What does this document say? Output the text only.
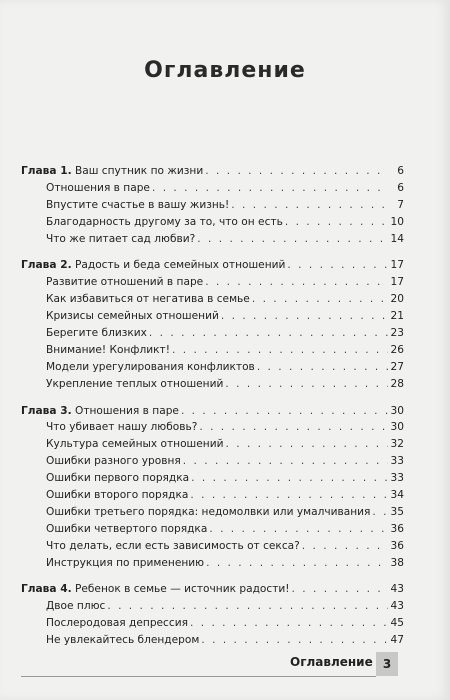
Оглавление
Глава 1. Ваш спутник по жизни . . .	6
Отношения в паре . . .	6
Впустите счастье в вашу жизнь! . . .	7
Благодарность другому за то, что он есть . . .	10
Что же питает сад любви? . . .	14
Глава 2. Радость и беда семейных отношений . . .	17
Развитие отношений в паре . . .	17
Как избавиться от негатива в семье . . .	20
Кризисы семейных отношений . . .	21
Берегите близких . . .	23
Внимание! Конфликт! . . .	26
Модели урегулирования конфликтов . . .	27
Укрепление теплых отношений . . .	28
Глава 3. Отношения в паре . . .	30
Что убивает нашу любовь? . . .	30
Культура семейных отношений . . .	32
Ошибки разного уровня . . .	33
Ошибки первого порядка . . .	33
Ошибки второго порядка . . .	34
Ошибки третьего порядка: недомолвки или умалчивания . . . 35
Ошибки четвертого порядка . . .	36
Что делать, если есть зависимость от секса? . . .	36
Инструкция по применению . . .	38
Глава 4. Ребенок в семье — источник радости! . . .	43
Двое плюс . . .	43
Послеродовая депрессия . . .	45
Не увлекайтесь блендером . . .	47
Оглавление 3
